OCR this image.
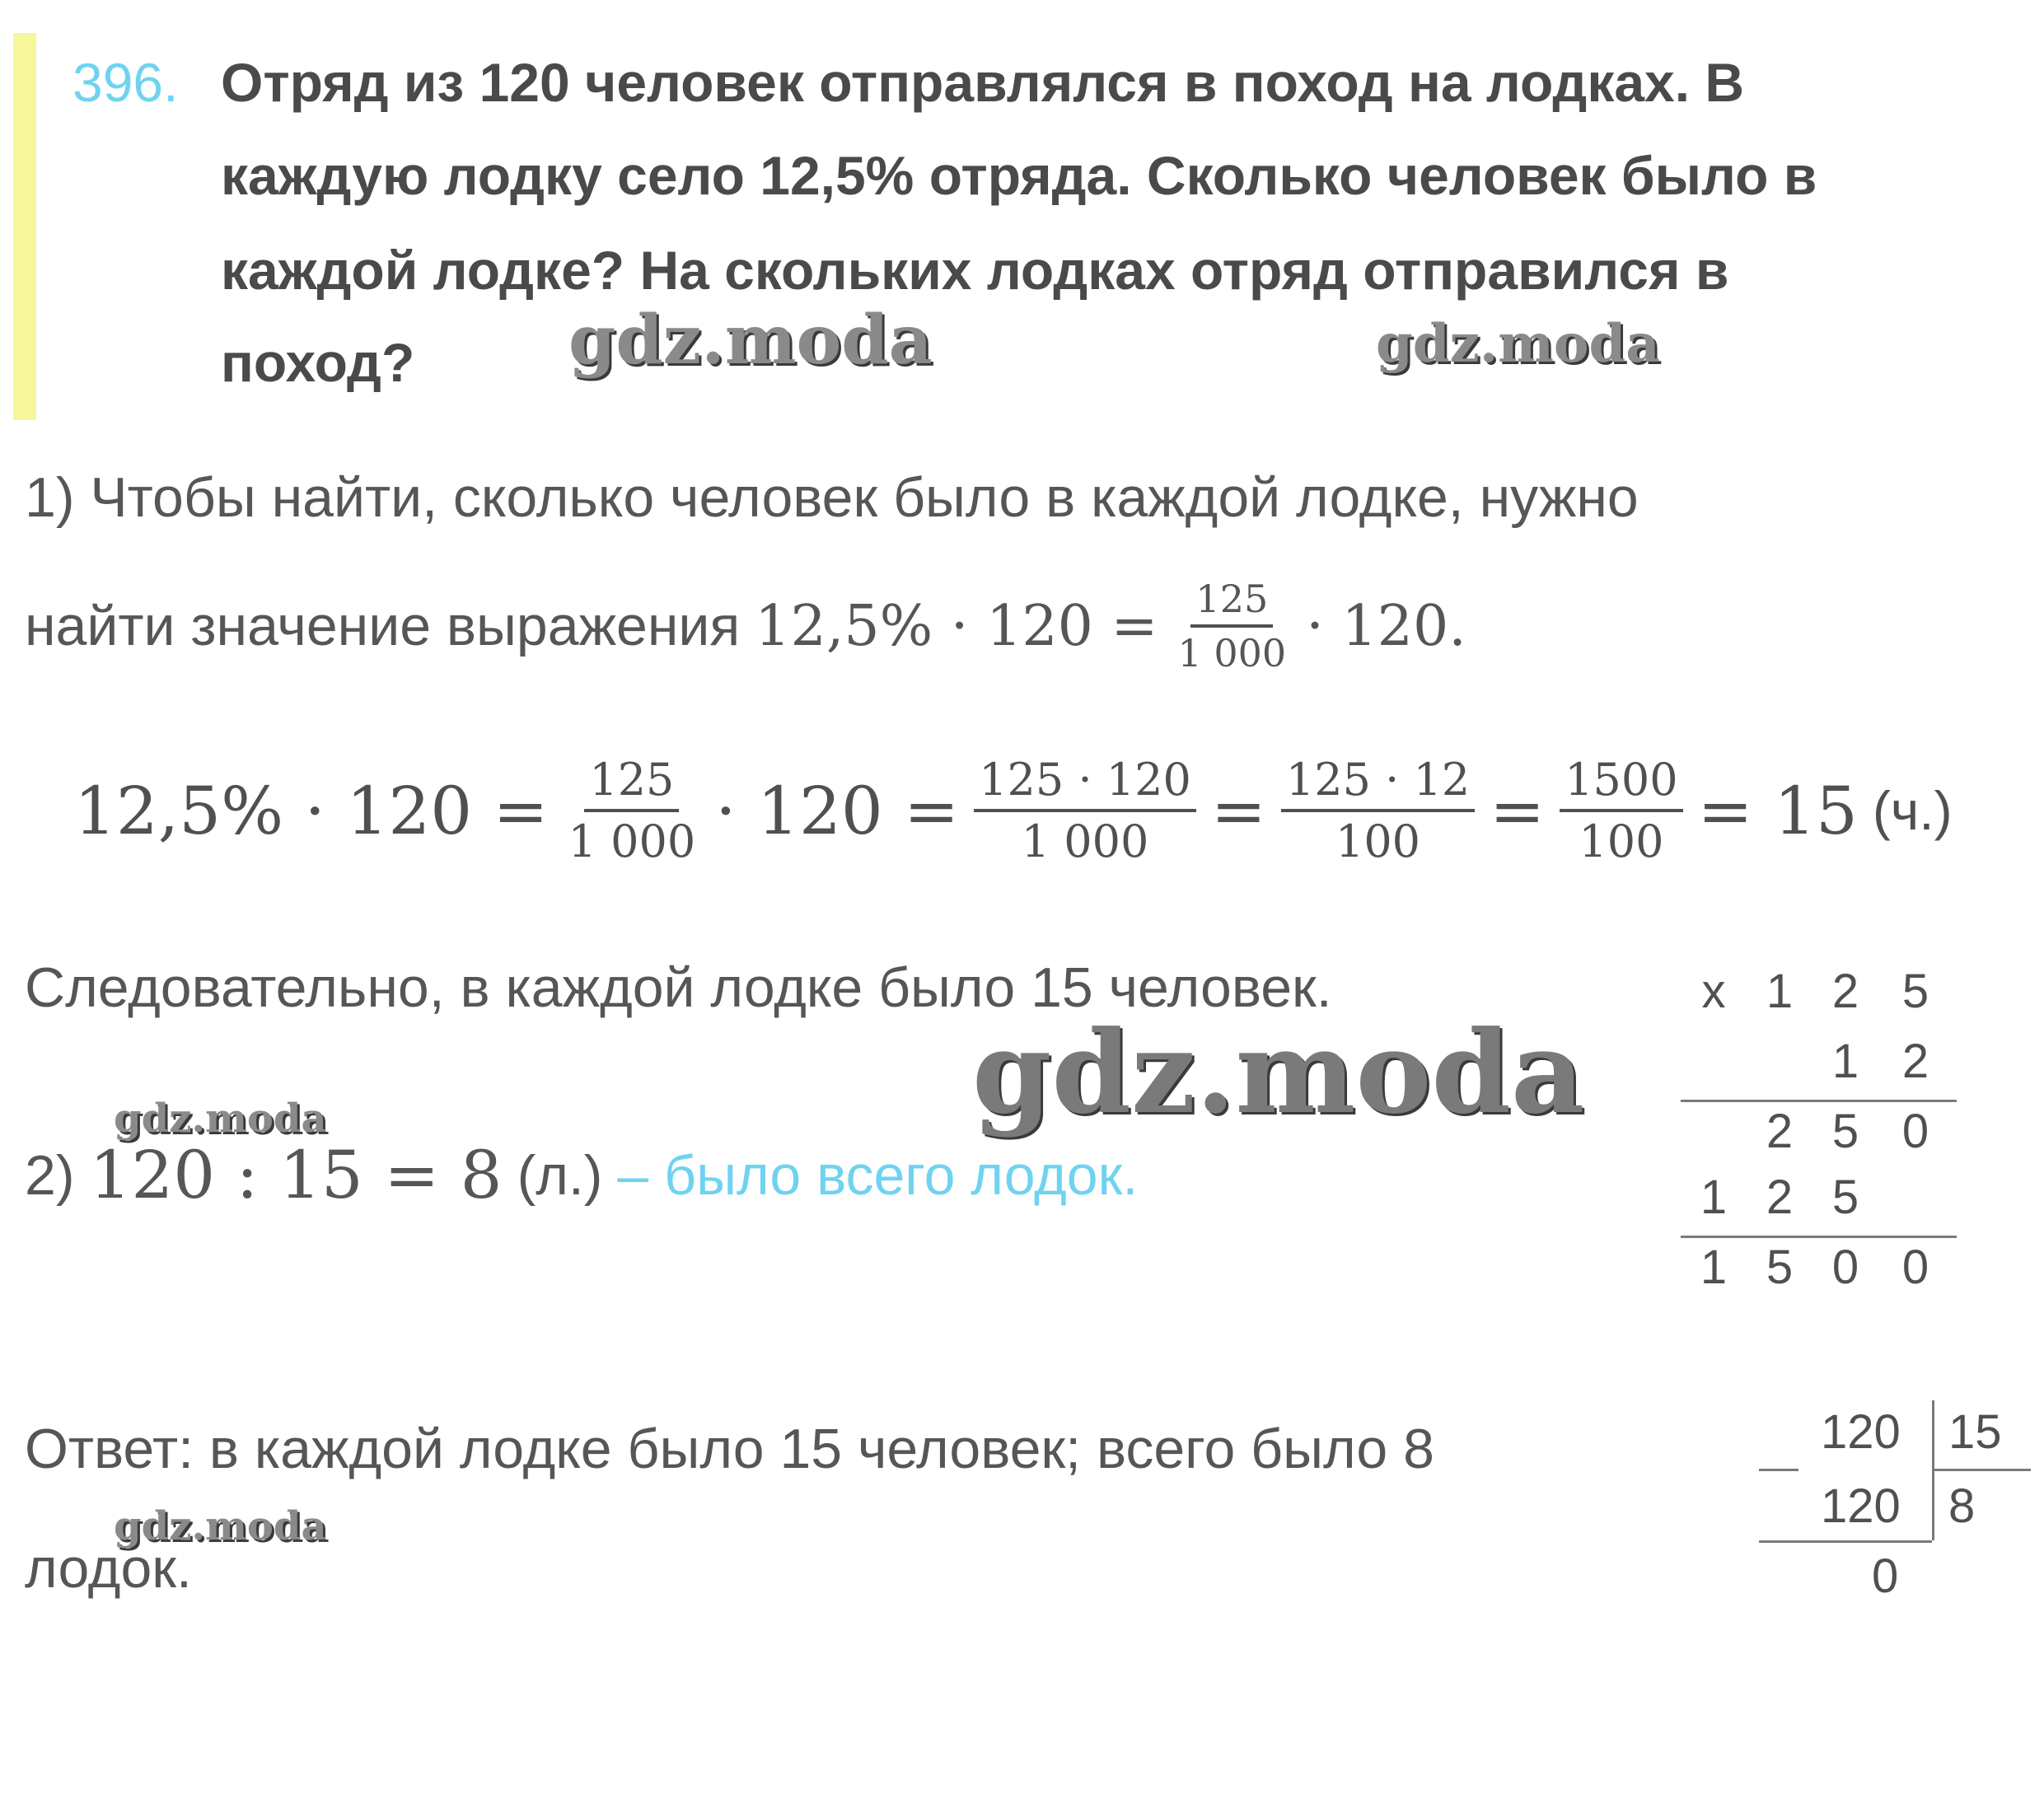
396. Отряд из 120 человек отправлялся в поход на лодках. В
каждую лодку село 12,5% отряда. Сколько человек было в
каждой лодке? На скольких лодках отряд отправился в
поход? gdz.moda	gdz.moda
gdz.moda
gdz.moda
gdz.moda
1) Чтобы найти, сколько человек было в каждой лодке, нужно
найти значение выражения $12,5\% \cdot 120 = \frac{125}{1 000} \cdot 120$.
$12,5\% \cdot 120 = \frac{125}{1 000} \cdot 120 = \frac{125 \cdot 120}{1 000} = \frac{125 \cdot 12}{100} = \frac{1500}{100} = 15$ (ч.)
Следовательно, в каждой лодке было 15 человек.
2) 120 : 15 = 8 (л.) – было всего лодок.
Ответ: в каждой лодке было 15 человек; всего было 8
лодок.
x 1 2 5
1 2
2 5 0
1 2 5
1 5 0 0
120 15
120 8
0
